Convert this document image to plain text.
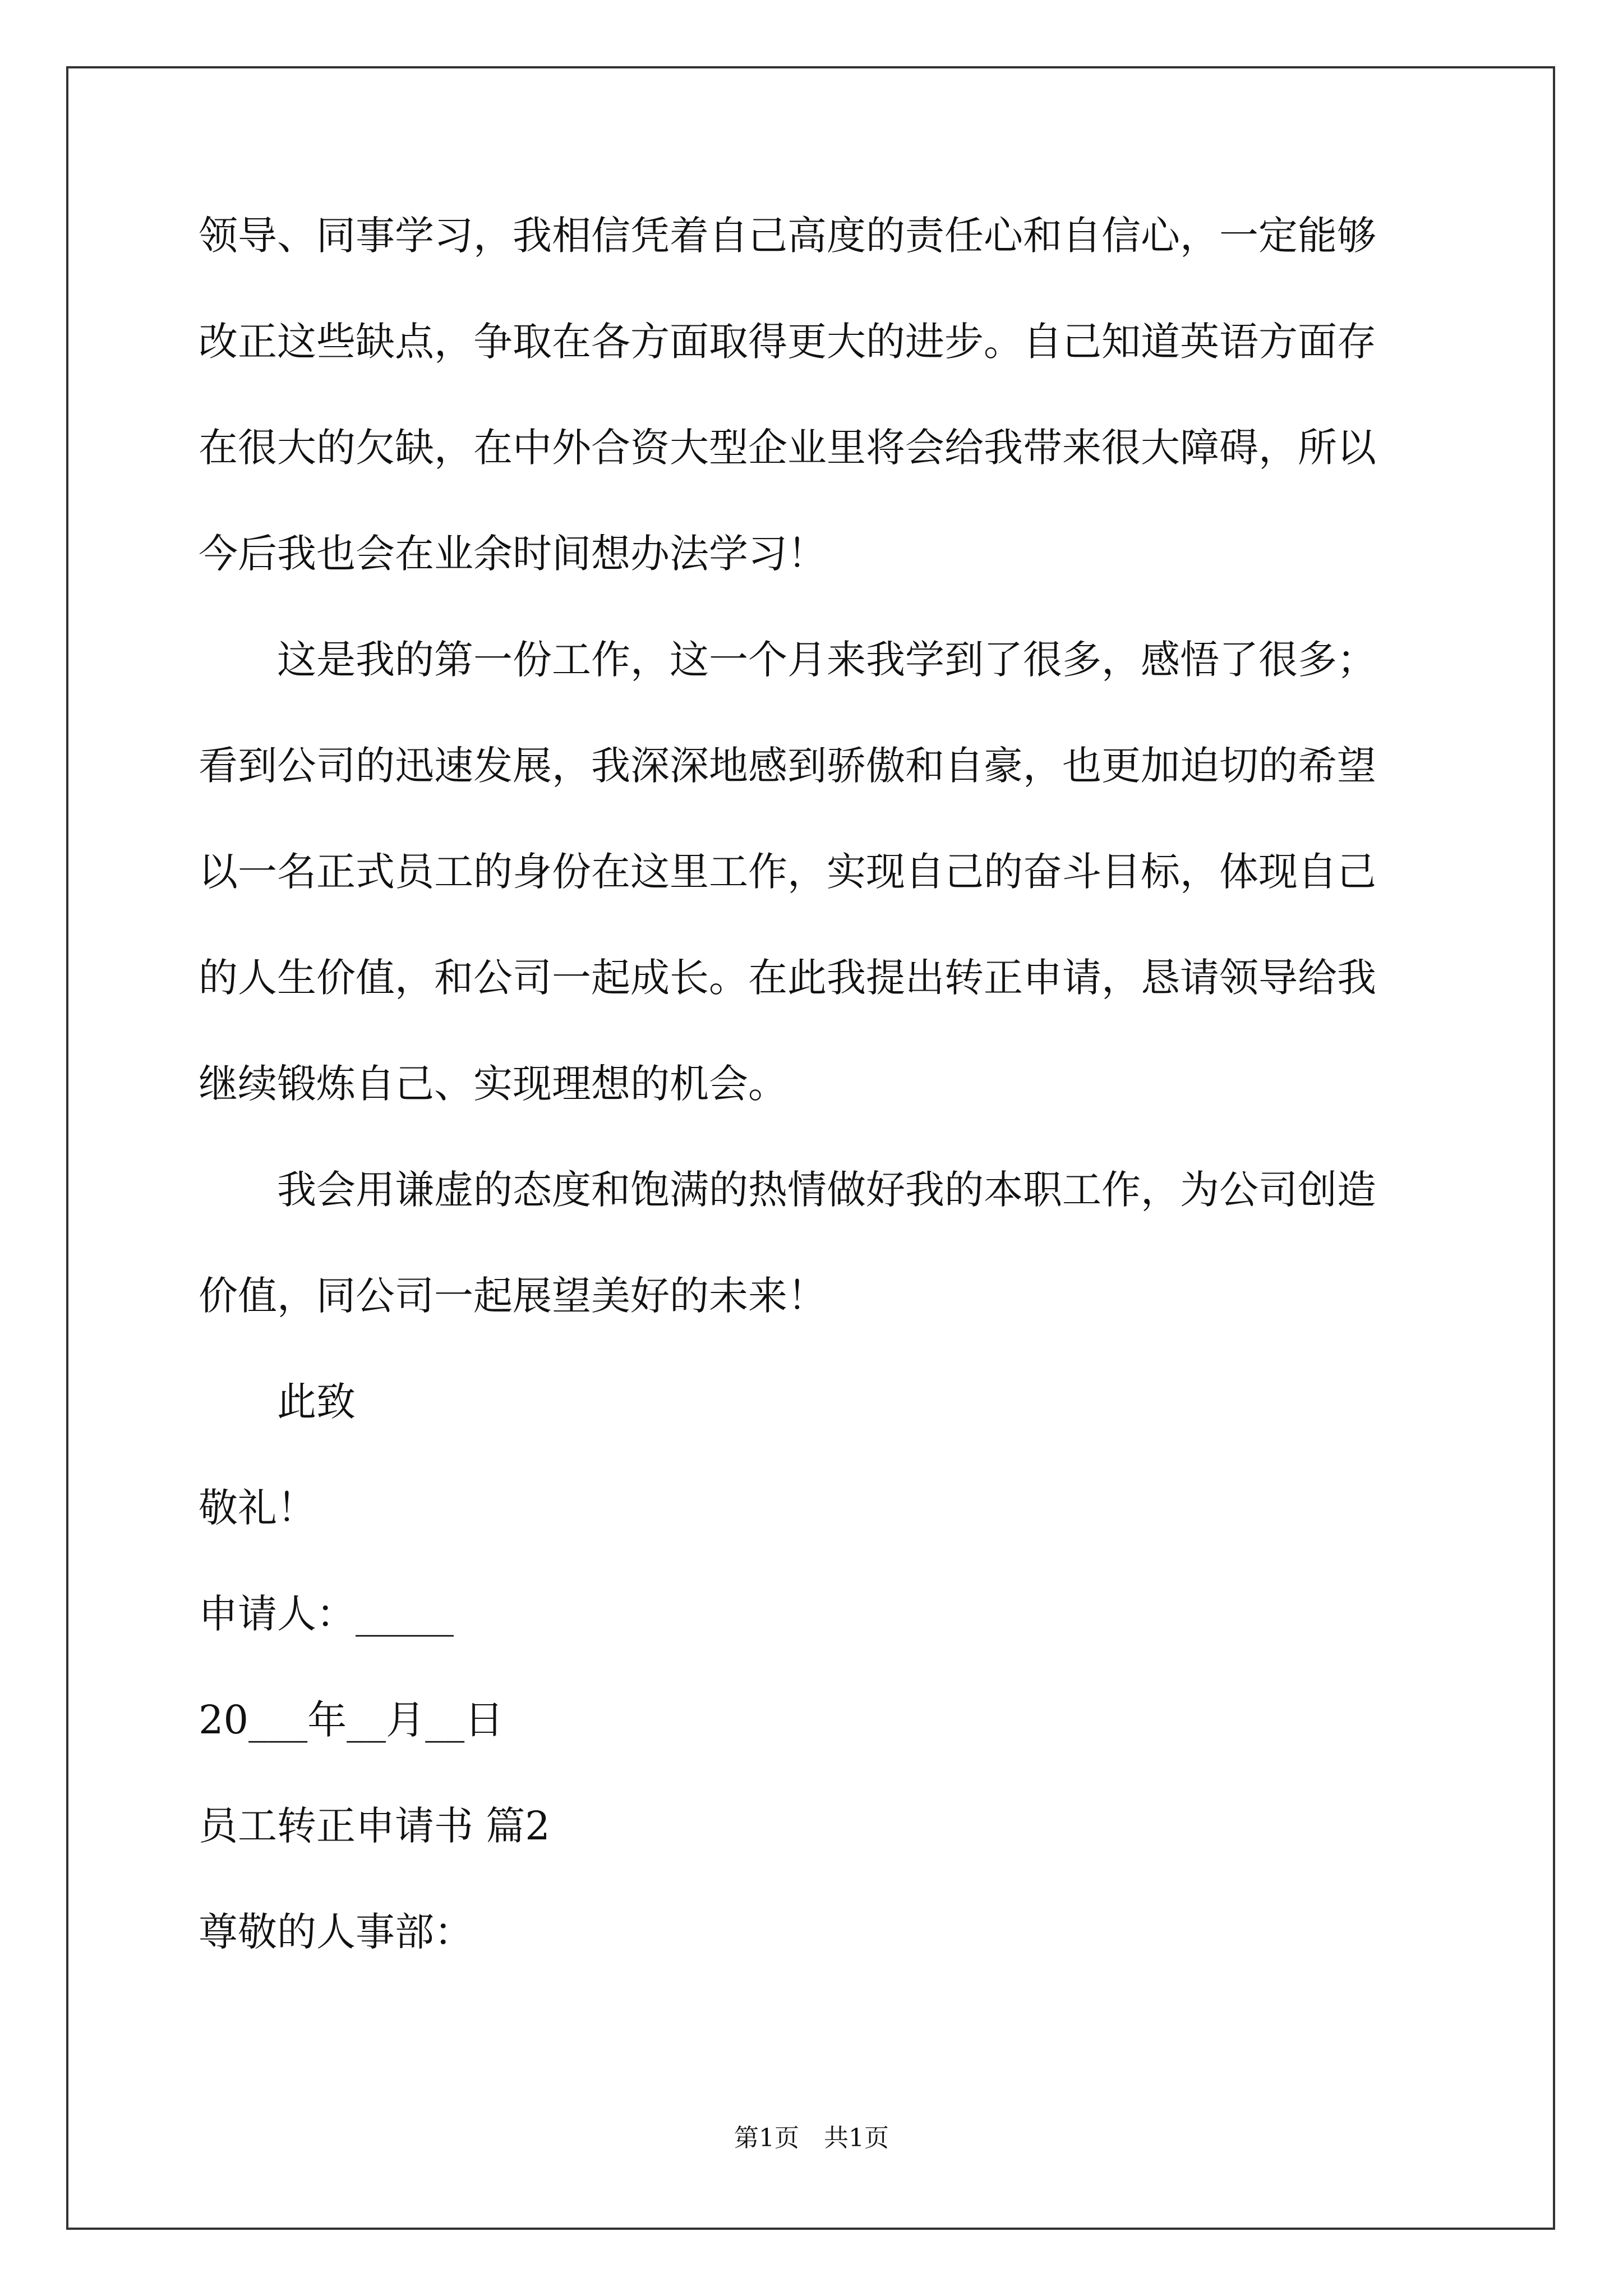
领导、同事学习，我相信凭着自己高度的责任心和自信心，一定能够
改正这些缺点，争取在各方面取得更大的进步。自己知道英语方面存
在很大的欠缺，在中外合资大型企业里将会给我带来很大障碍，所以
今后我也会在业余时间想办法学习！
这是我的第一份工作，这一个月来我学到了很多，感悟了很多；
看到公司的迅速发展，我深深地感到骄傲和自豪，也更加迫切的希望
以一名正式员工的身份在这里工作，实现自己的奋斗目标，体现自己
的人生价值，和公司一起成长。在此我提出转正申请，恳请领导给我
继续锻炼自己、实现理想的机会。
我会用谦虚的态度和饱满的热情做好我的本职工作，为公司创造
价值，同公司一起展望美好的未来！
此致
敬礼！
申请人：_____
20___年__月__日
员工转正申请书 篇2
尊敬的人事部：
第1页　共1页
